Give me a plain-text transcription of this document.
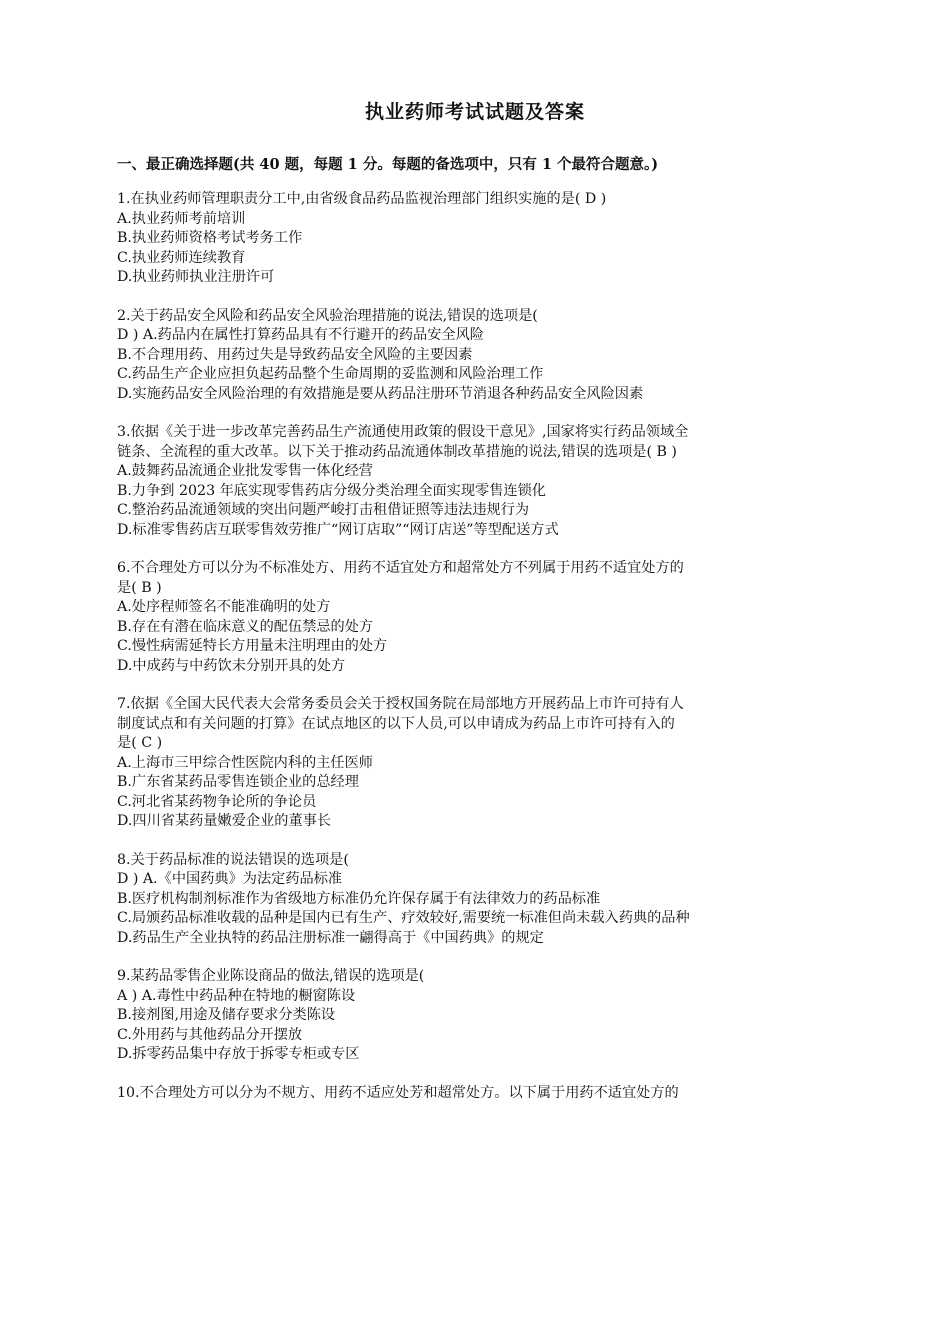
执业药师考试试题及答案
一、最正确选择题(共 40 题，每题 1 分。每题的备选项中，只有 1 个最符合题意。)
1.在执业药师管理职责分工中,由省级食品药品监视治理部门组织实施的是( D )
A.执业药师考前培训
B.执业药师资格考试考务工作
C.执业药师连续教育
D.执业药师执业注册许可
2.关于药品安全风险和药品安全风验治理措施的说法,错误的选项是(
D ) A.药品内在属性打算药品具有不行避开的药品安全风险
B.不合理用药、用药过失是导致药品安全风险的主要因素
C.药品生产企业应担负起药品整个生命周期的妥监测和风险治理工作
D.实施药品安全风险治理的有效措施是要从药品注册环节消退各种药品安全风险因素
3.依据《关于进一步改革完善药品生产流通使用政策的假设干意见》,国家将实行药品领域全
链条、全流程的重大改革。以下关于推动药品流通体制改革措施的说法,错误的选项是( B )
A.鼓舞药品流通企业批发零售一体化经营
B.力争到 2023 年底实现零售药店分级分类治理全面实现零售连锁化
C.整治药品流通领域的突出问题严峻打击租借证照等违法违规行为
D.标准零售药店互联零售效劳推广“网订店取”“网订店送”等型配送方式
6.不合理处方可以分为不标准处方、用药不适宜处方和超常处方不列属于用药不适宜处方的
是( B )
A.处序程师签名不能准确明的处方
B.存在有潜在临床意义的配伍禁忌的处方
C.慢性病需延特长方用量未注明理由的处方
D.中成药与中药饮未分别开具的处方
7.依据《全国大民代表大会常务委员会关于授权国务院在局部地方开展药品上市许可持有人
制度试点和有关问题的打算》在试点地区的以下人员,可以申请成为药品上市许可持有入的
是( C )
A.上海市三甲综合性医院内科的主任医师
B.广东省某药品零售连锁企业的总经理
C.河北省某药物争论所的争论员
D.四川省某药量嫩爱企业的董事长
8.关于药品标准的说法错误的选项是(
D ) A.《中国药典》为法定药品标准
B.医疗机构制剂标准作为省级地方标准仍允许保存属于有法律效力的药品标准
C.局颁药品标准收载的品种是国内已有生产、疗效较好,需要统一标准但尚未载入药典的品种
D.药品生产全业执特的药品注册标准一翩得高于《中国药典》的规定
9.某药品零售企业陈设商品的做法,错误的选项是(
A ) A.毒性中药品种在特地的橱窗陈设
B.接剂图,用途及储存要求分类陈设
C.外用药与其他药品分开摆放
D.拆零药品集中存放于拆零专柜或专区
10.不合理处方可以分为不规方、用药不适应处芳和超常处方。以下属于用药不适宜处方的
